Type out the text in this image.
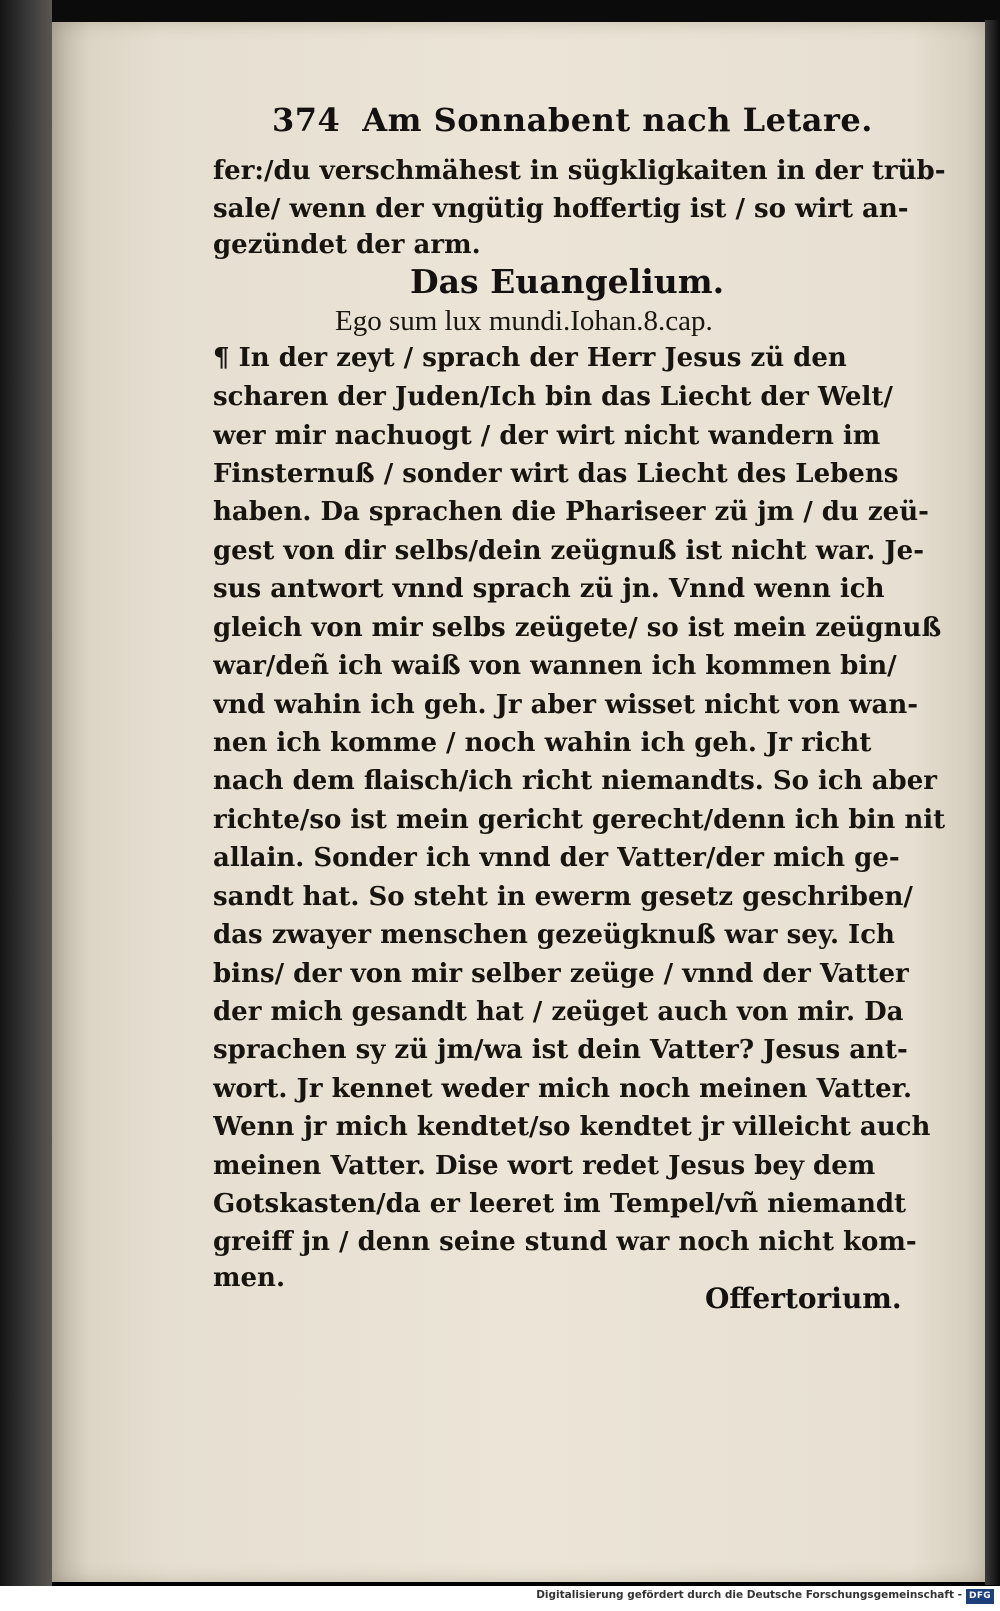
374 Am Sonnabent nach Letare.
fer:/du verschmähest in sügkligkaiten in der trüb-
sale/ wenn der vngütig hoffertig ist / so wirt an-
gezündet der arm.
Das Euangelium.
Ego sum lux mundi.Iohan.8.cap.
¶ In der zeyt / sprach der Herr Jesus zü den
scharen der Juden/Ich bin das Liecht der Welt/
wer mir nachuogt / der wirt nicht wandern im
Finsternuß / sonder wirt das Liecht des Lebens
haben. Da sprachen die Phariseer zü jm / du zeü-
gest von dir selbs/dein zeügnuß ist nicht war. Je-
sus antwort vnnd sprach zü jn. Vnnd wenn ich
gleich von mir selbs zeügete/ so ist mein zeügnuß
war/deñ ich waiß von wannen ich kommen bin/
vnd wahin ich geh. Jr aber wisset nicht von wan-
nen ich komme / noch wahin ich geh. Jr richt
nach dem flaisch/ich richt niemandts. So ich aber
richte/so ist mein gericht gerecht/denn ich bin nit
allain. Sonder ich vnnd der Vatter/der mich ge-
sandt hat. So steht in ewerm gesetz geschriben/
das zwayer menschen gezeügknuß war sey. Ich
bins/ der von mir selber zeüge / vnnd der Vatter
der mich gesandt hat / zeüget auch von mir. Da
sprachen sy zü jm/wa ist dein Vatter? Jesus ant-
wort. Jr kennet weder mich noch meinen Vatter.
Wenn jr mich kendtet/so kendtet jr villeicht auch
meinen Vatter. Dise wort redet Jesus bey dem
Gotskasten/da er leeret im Tempel/vñ niemandt
greiff jn / denn seine stund war noch nicht kom-
men.
Offertorium.
Digitalisierung gefördert durch die Deutsche Forschungsgemeinschaft - DFG
